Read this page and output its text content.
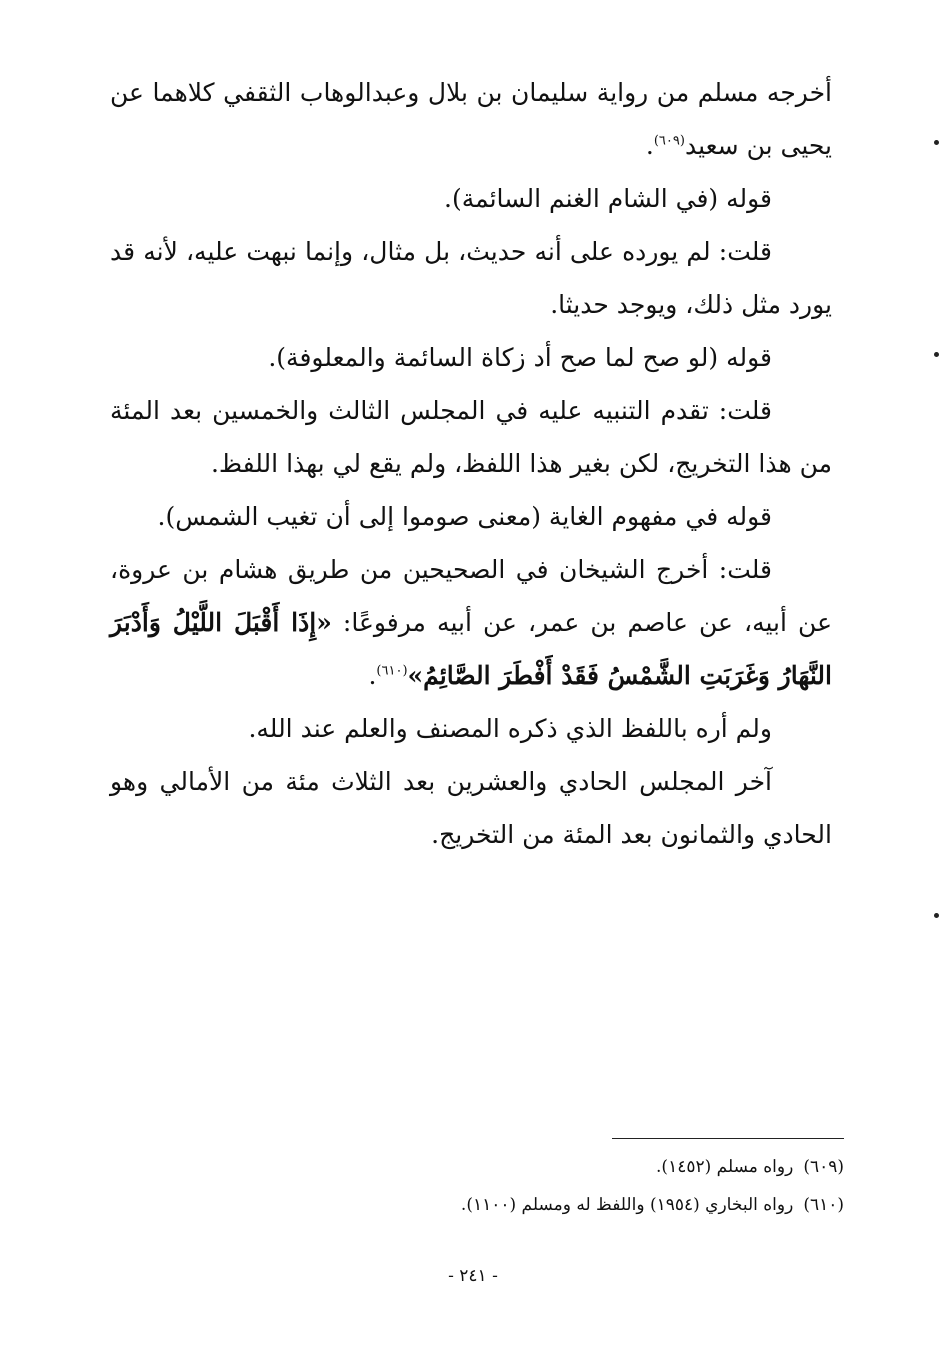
أخرجه مسلم من رواية سليمان بن بلال وعبدالوهاب الثقفي كلاهما عن يحيى بن سعيد$^{(٦٠٩)}$.

قوله (في الشام الغنم السائمة).

قلت: لم يورده على أنه حديث، بل مثال، وإنما نبهت عليه، لأنه قد يورد مثل ذلك، ويوجد حديثا.

قوله (لو صح لما صح أد زكاة السائمة والمعلوفة).

قلت: تقدم التنبيه عليه في المجلس الثالث والخمسين بعد المئة من هذا التخريج، لكن بغير هذا اللفظ، ولم يقع لي بهذا اللفظ.

قوله في مفهوم الغاية (معنى صوموا إلى أن تغيب الشمس).

قلت: أخرج الشيخان في الصحيحين من طريق هشام بن عروة، عن أبيه، عن عاصم بن عمر، عن أبيه مرفوعًا: «إِذَا أَقْبَلَ اللَّيْلُ وَأَدْبَرَ النَّهَارُ وَغَرَبَتِ الشَّمْسُ فَقَدْ أَفْطَرَ الصَّائِمُ»$^{(٦١٠)}$.

ولم أره باللفظ الذي ذكره المصنف والعلم عند الله.

آخر المجلس الحادي والعشرين بعد الثلاث مئة من الأمالي وهو الحادي والثمانون بعد المئة من التخريج.

(٦٠٩)رواه مسلم (١٤٥٢).

(٦١٠)رواه البخاري (١٩٥٤) واللفظ له ومسلم (١١٠٠).

- ٢٤١ -
